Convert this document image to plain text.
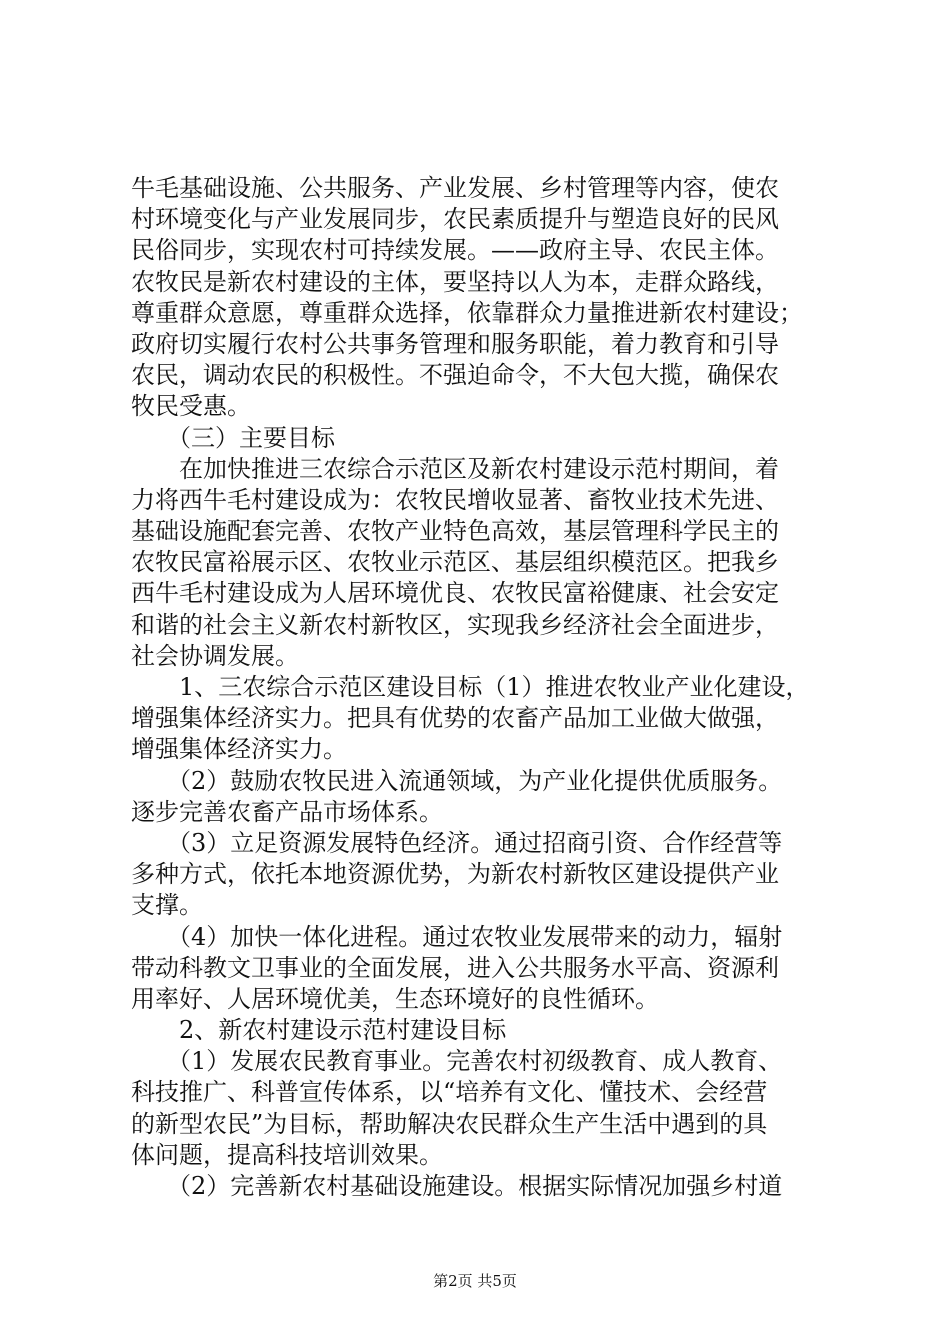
牛毛基础设施、公共服务、产业发展、乡村管理等内容，使农
村环境变化与产业发展同步，农民素质提升与塑造良好的民风
民俗同步，实现农村可持续发展。——政府主导、农民主体。
农牧民是新农村建设的主体，要坚持以人为本，走群众路线，
尊重群众意愿，尊重群众选择，依靠群众力量推进新农村建设；
政府切实履行农村公共事务管理和服务职能，着力教育和引导
农民，调动农民的积极性。不强迫命令，不大包大揽，确保农
牧民受惠。
　　（三）主要目标
　　在加快推进三农综合示范区及新农村建设示范村期间，着
力将西牛毛村建设成为：农牧民增收显著、畜牧业技术先进、
基础设施配套完善、农牧产业特色高效，基层管理科学民主的
农牧民富裕展示区、农牧业示范区、基层组织模范区。把我乡
西牛毛村建设成为人居环境优良、农牧民富裕健康、社会安定
和谐的社会主义新农村新牧区，实现我乡经济社会全面进步，
社会协调发展。
　　1、三农综合示范区建设目标（1）推进农牧业产业化建设，
增强集体经济实力。把具有优势的农畜产品加工业做大做强，
增强集体经济实力。
　　（2）鼓励农牧民进入流通领域，为产业化提供优质服务。
逐步完善农畜产品市场体系。
　　（3）立足资源发展特色经济。通过招商引资、合作经营等
多种方式，依托本地资源优势，为新农村新牧区建设提供产业
支撑。
　　（4）加快一体化进程。通过农牧业发展带来的动力，辐射
带动科教文卫事业的全面发展，进入公共服务水平高、资源利
用率好、人居环境优美，生态环境好的良性循环。
　　2、新农村建设示范村建设目标
　　（1）发展农民教育事业。完善农村初级教育、成人教育、
科技推广、科普宣传体系，以“培养有文化、懂技术、会经营
的新型农民”为目标，帮助解决农民群众生产生活中遇到的具
体问题，提高科技培训效果。
　　（2）完善新农村基础设施建设。根据实际情况加强乡村道
第2页 共5页
